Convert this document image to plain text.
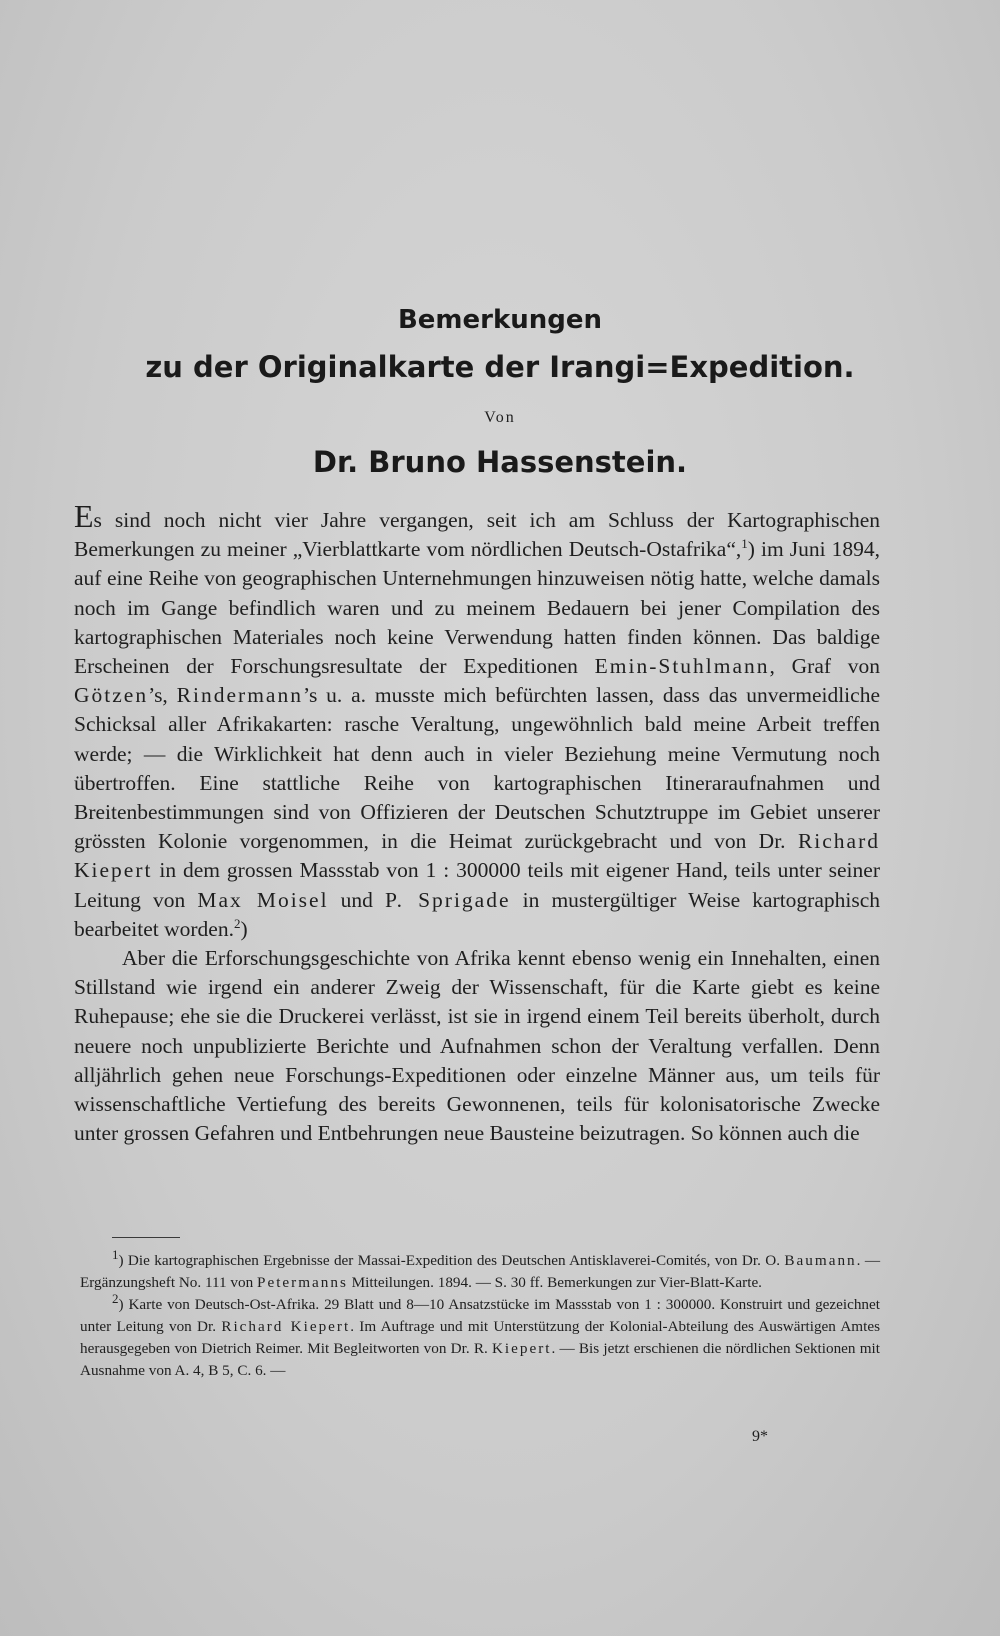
Bemerkungen
zu der Originalkarte der Irangi=Expedition.
Von
Dr. Bruno Hassenstein.

Es sind noch nicht vier Jahre vergangen, seit ich am Schluss der Kartographischen Bemerkungen zu meiner „Vierblattkarte vom nördlichen Deutsch-Ostafrika“,$^1$) im Juni 1894, auf eine Reihe von geographischen Unternehmungen hinzuweisen nötig hatte, welche damals noch im Gange befindlich waren und zu meinem Bedauern bei jener Compilation des kartographischen Materiales noch keine Verwendung hatten finden können. Das baldige Erscheinen der Forschungsresultate der Expeditionen Emin-Stuhlmann, Graf von Götzen’s, Rindermann’s u. a. musste mich befürchten lassen, dass das unvermeidliche Schicksal aller Afrikakarten: rasche Veraltung, ungewöhnlich bald meine Arbeit treffen werde; — die Wirklichkeit hat denn auch in vieler Beziehung meine Vermutung noch übertroffen. Eine stattliche Reihe von kartographischen Itineraraufnahmen und Breitenbestimmungen sind von Offizieren der Deutschen Schutztruppe im Gebiet unserer grössten Kolonie vorgenommen, in die Heimat zurückgebracht und von Dr. Richard Kiepert in dem grossen Massstab von 1 : 300000 teils mit eigener Hand, teils unter seiner Leitung von Max Moisel und P. Sprigade in mustergültiger Weise kartographisch bearbeitet worden.$^2$)

Aber die Erforschungsgeschichte von Afrika kennt ebenso wenig ein Innehalten, einen Stillstand wie irgend ein anderer Zweig der Wissenschaft, für die Karte giebt es keine Ruhepause; ehe sie die Druckerei verlässt, ist sie in irgend einem Teil bereits überholt, durch neuere noch unpublizierte Berichte und Aufnahmen schon der Veraltung verfallen. Denn alljährlich gehen neue Forschungs-Expeditionen oder einzelne Männer aus, um teils für wissenschaftliche Vertiefung des bereits Gewonnenen, teils für kolonisatorische Zwecke unter grossen Gefahren und Entbehrungen neue Bausteine beizutragen. So können auch die

$^1$) Die kartographischen Ergebnisse der Massai-Expedition des Deutschen Antisklaverei-Comités, von Dr. O. Baumann. — Ergänzungsheft No. 111 von Petermanns Mitteilungen. 1894. — S. 30 ff. Bemerkungen zur Vier-Blatt-Karte.

$^2$) Karte von Deutsch-Ost-Afrika. 29 Blatt und 8—10 Ansatzstücke im Massstab von 1 : 300000. Konstruirt und gezeichnet unter Leitung von Dr. Richard Kiepert. Im Auftrage und mit Unterstützung der Kolonial-Abteilung des Auswärtigen Amtes herausgegeben von Dietrich Reimer. Mit Begleitworten von Dr. R. Kiepert. — Bis jetzt erschienen die nördlichen Sektionen mit Ausnahme von A. 4, B 5, C. 6. —

9*
